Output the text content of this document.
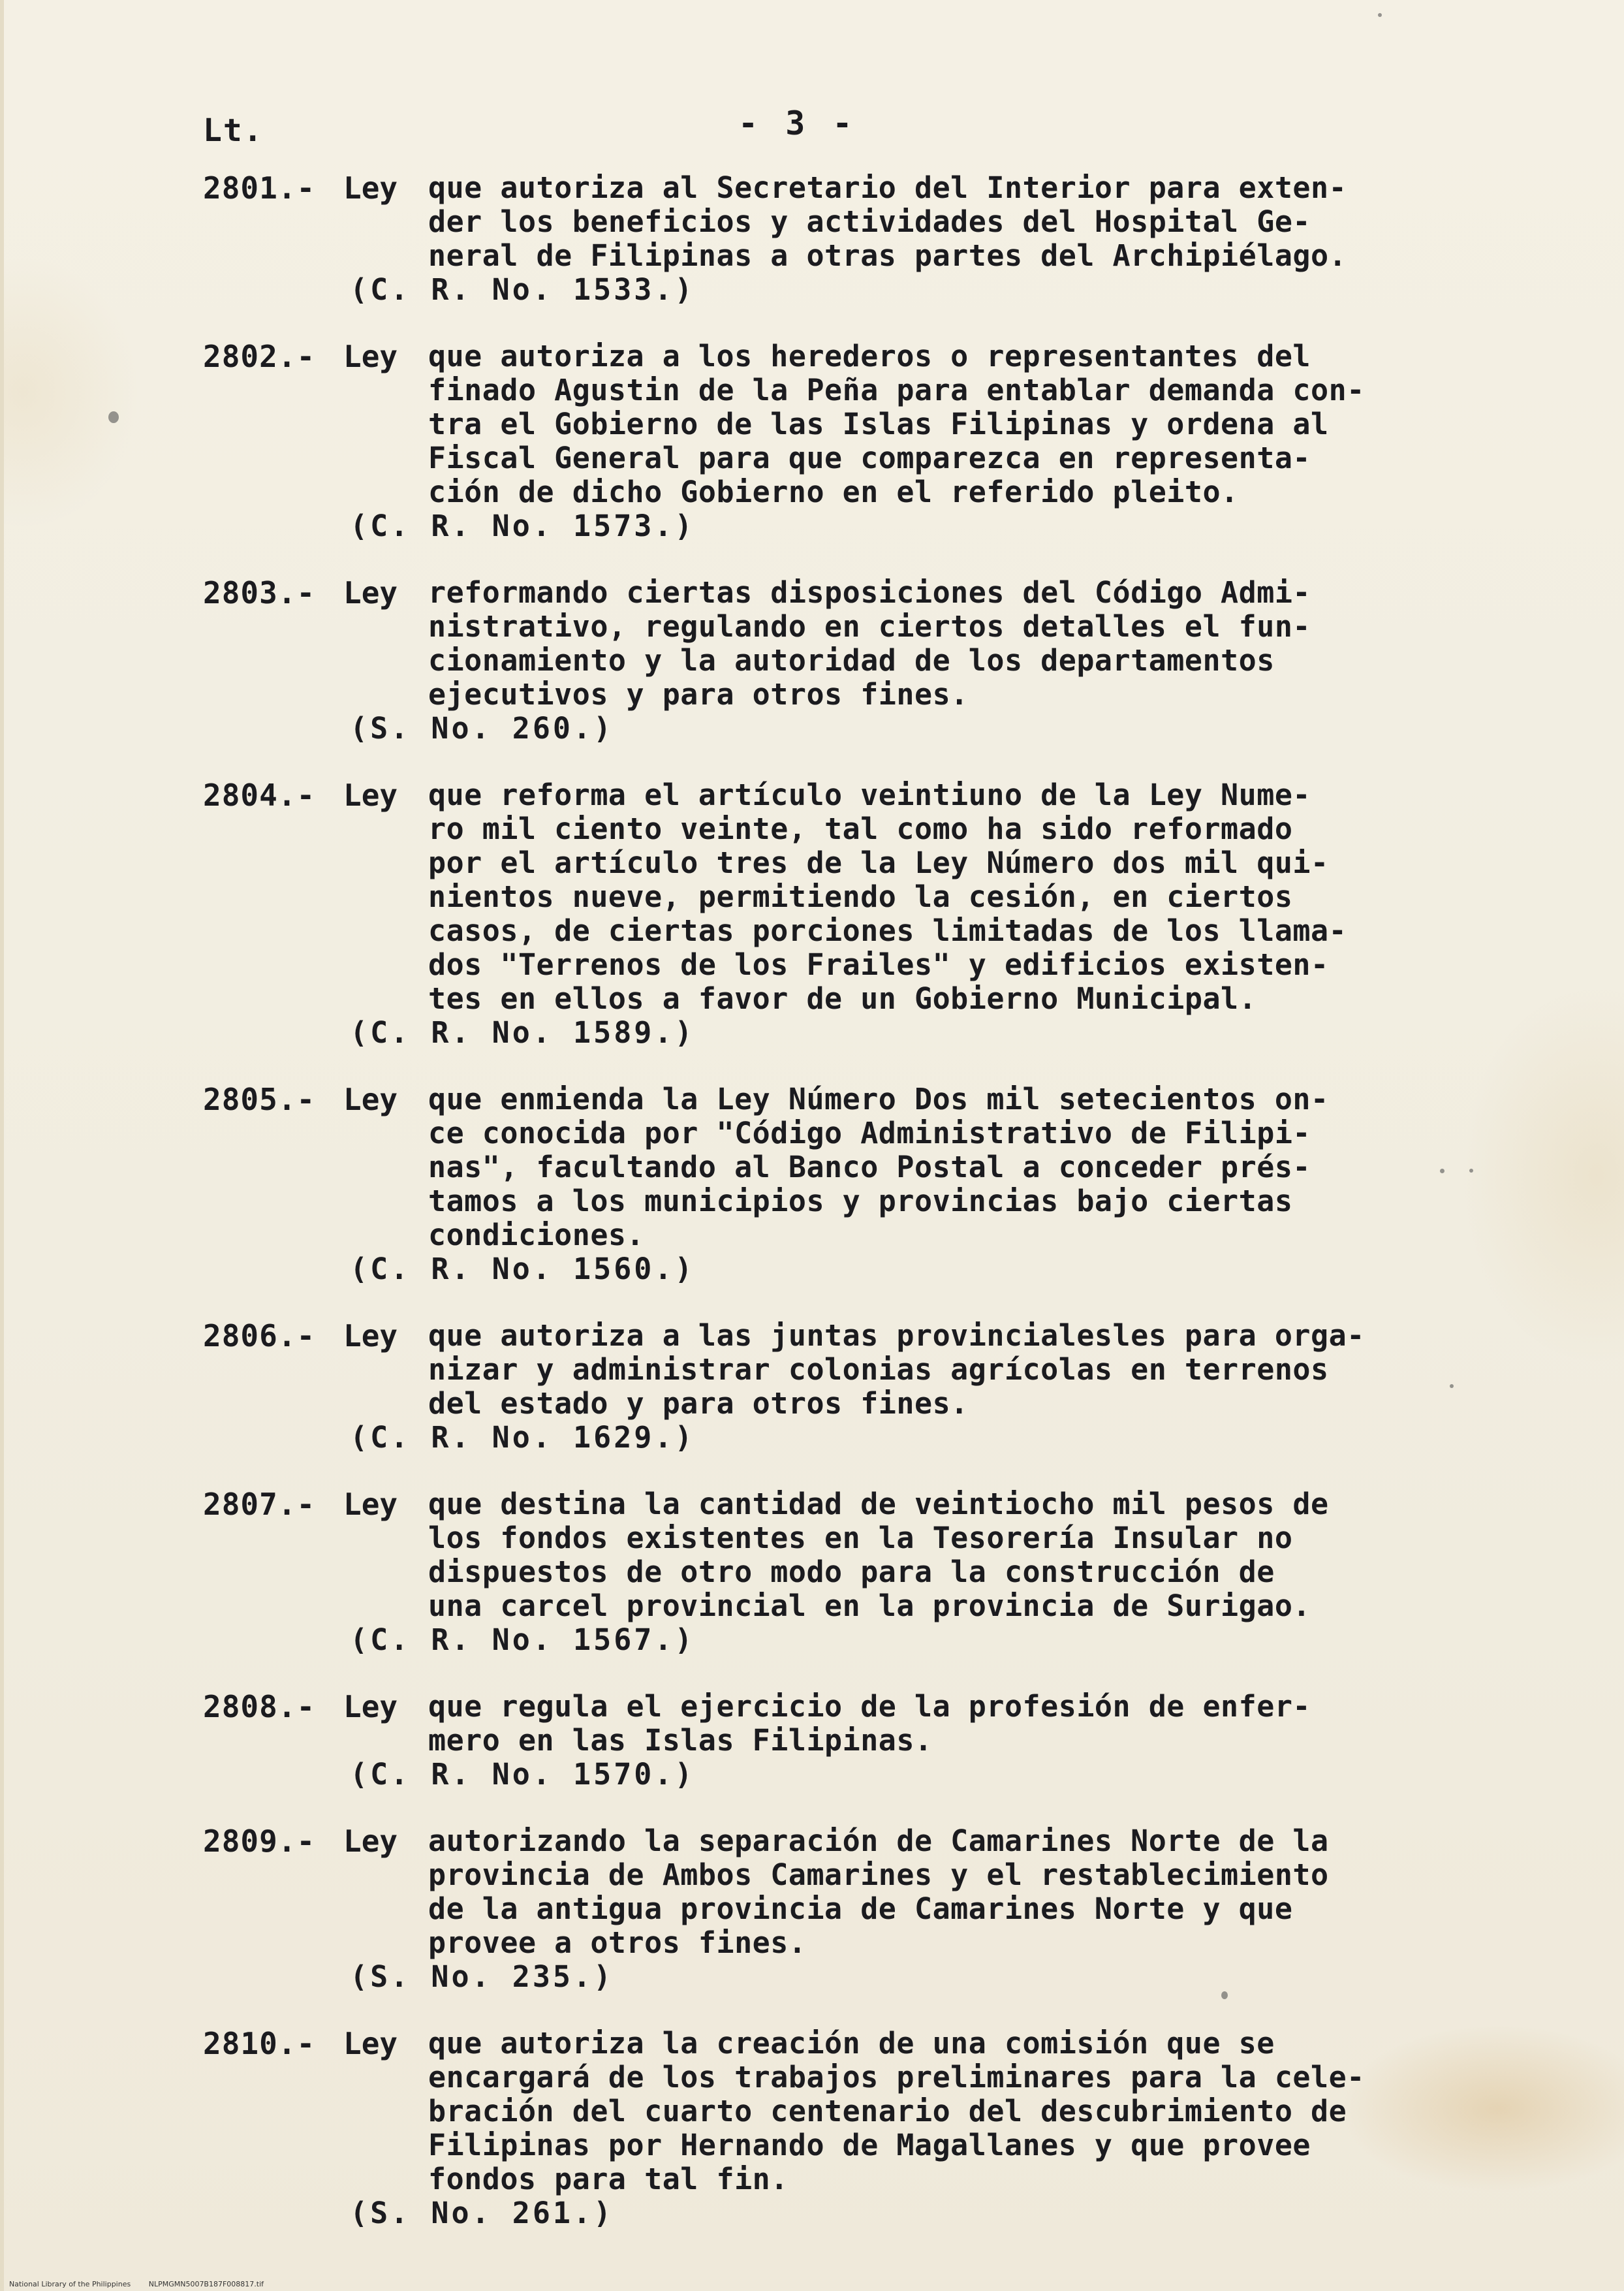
Lt.	- 3 -
2801.- Ley que autoriza al Secretario del Interior para exten-
der los beneficios y actividades del Hospital Ge-
neral de Filipinas a otras partes del Archipiélago.
(C. R. No. 1533.)
2802.- Ley que autoriza a los herederos o representantes del
finado Agustin de la Peña para entablar demanda con-
tra el Gobierno de las Islas Filipinas y ordena al
Fiscal General para que comparezca en representa-
ción de dicho Gobierno en el referido pleito.
(C. R. No. 1573.)
2803.- Ley reformando ciertas disposiciones del Código Admi-
nistrativo, regulando en ciertos detalles el fun-
cionamiento y la autoridad de los departamentos
ejecutivos y para otros fines.
(S. No. 260.)
2804.- Ley que reforma el artículo veintiuno de la Ley Nume-
ro mil ciento veinte, tal como ha sido reformado
por el artículo tres de la Ley Número dos mil qui-
nientos nueve, permitiendo la cesión, en ciertos
casos, de ciertas porciones limitadas de los llama-
dos "Terrenos de los Frailes" y edificios existen-
tes en ellos a favor de un Gobierno Municipal.
(C. R. No. 1589.)
2805.- Ley que enmienda la Ley Número Dos mil setecientos on-
ce conocida por "Código Administrativo de Filipi-
nas", facultando al Banco Postal a conceder prés-
tamos a los municipios y provincias bajo ciertas
condiciones.
(C. R. No. 1560.)
2806.- Ley que autoriza a las juntas provincialesles para orga-
nizar y administrar colonias agrícolas en terrenos
del estado y para otros fines.
(C. R. No. 1629.)
2807.- Ley que destina la cantidad de veintiocho mil pesos de
los fondos existentes en la Tesorería Insular no
dispuestos de otro modo para la construcción de
una carcel provincial en la provincia de Surigao.
(C. R. No. 1567.)
2808.- Ley que regula el ejercicio de la profesión de enfer-
mero en las Islas Filipinas.
(C. R. No. 1570.)
2809.- Ley autorizando la separación de Camarines Norte de la
provincia de Ambos Camarines y el restablecimiento
de la antigua provincia de Camarines Norte y que
provee a otros fines.
(S. No. 235.)
2810.- Ley que autoriza la creación de una comisión que se
encargará de los trabajos preliminares para la cele-
bración del cuarto centenario del descubrimiento de
Filipinas por Hernando de Magallanes y que provee
fondos para tal fin.
(S. No. 261.)
National Library of the Philippines	NLPMGMN5007B187F008817.tif
